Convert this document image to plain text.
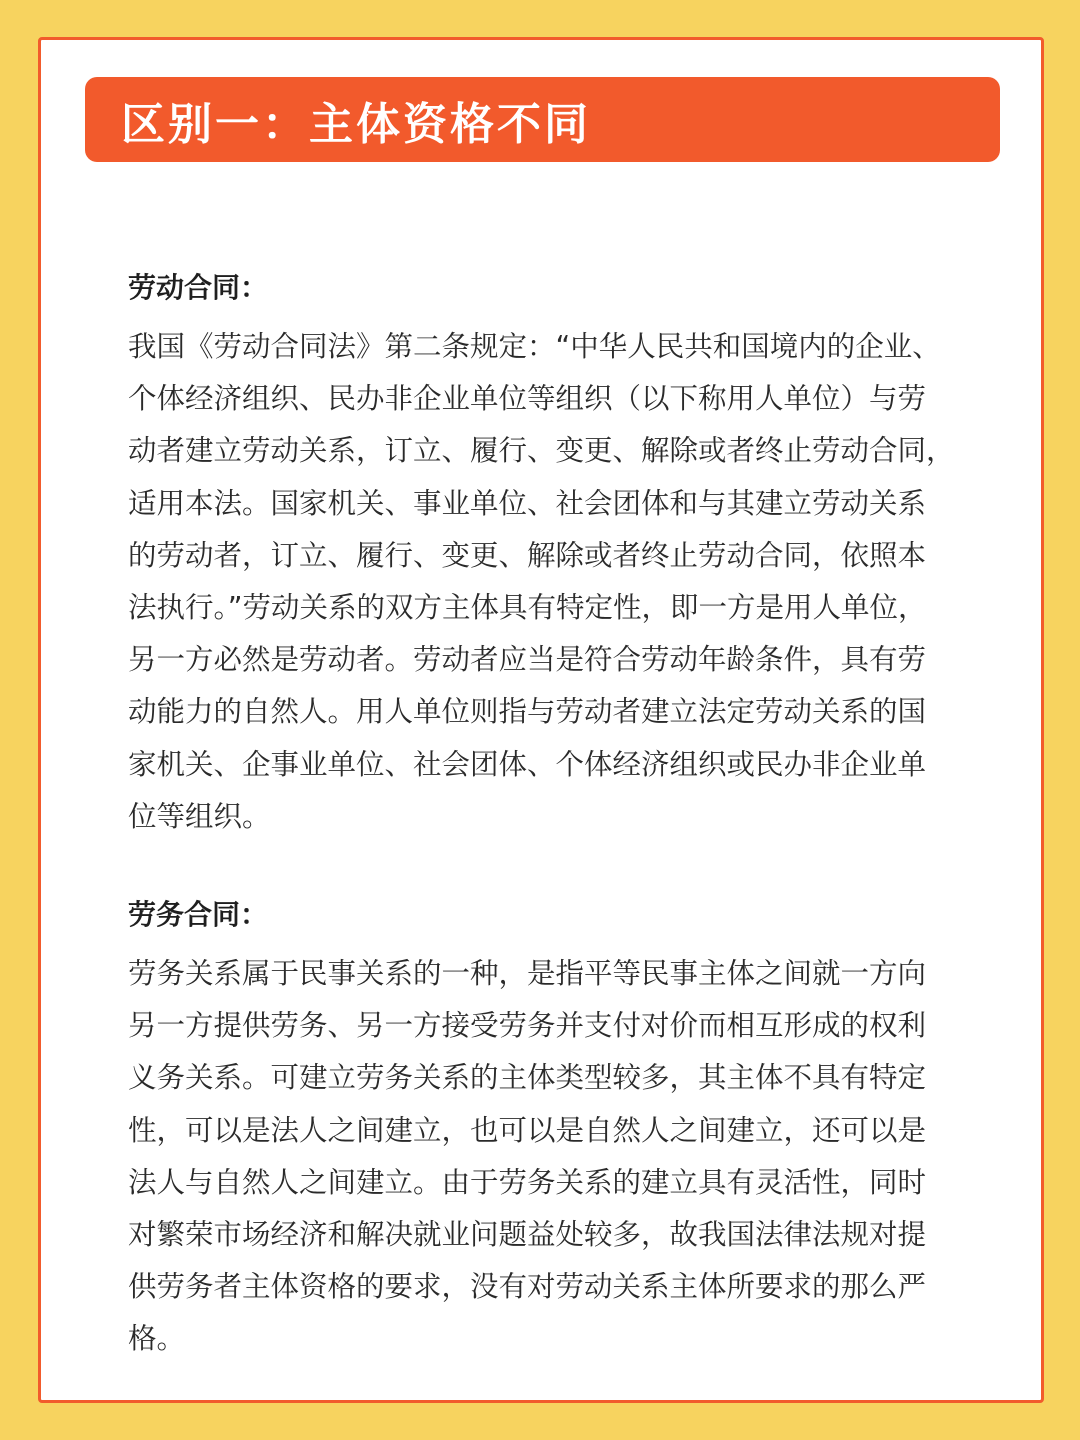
区别一：主体资格不同
劳动合同：
我国《劳动合同法》第二条规定：“中华人民共和国境内的企业、
个体经济组织、民办非企业单位等组织（以下称用人单位）与劳
动者建立劳动关系，订立、履行、变更、解除或者终止劳动合同，
适用本法。国家机关、事业单位、社会团体和与其建立劳动关系
的劳动者，订立、履行、变更、解除或者终止劳动合同，依照本
法执行。”劳动关系的双方主体具有特定性，即一方是用人单位，
另一方必然是劳动者。劳动者应当是符合劳动年龄条件，具有劳
动能力的自然人。用人单位则指与劳动者建立法定劳动关系的国
家机关、企事业单位、社会团体、个体经济组织或民办非企业单
位等组织。
劳务合同：
劳务关系属于民事关系的一种，是指平等民事主体之间就一方向
另一方提供劳务、另一方接受劳务并支付对价而相互形成的权利
义务关系。可建立劳务关系的主体类型较多，其主体不具有特定
性，可以是法人之间建立，也可以是自然人之间建立，还可以是
法人与自然人之间建立。由于劳务关系的建立具有灵活性，同时
对繁荣市场经济和解决就业问题益处较多，故我国法律法规对提
供劳务者主体资格的要求，没有对劳动关系主体所要求的那么严
格。
